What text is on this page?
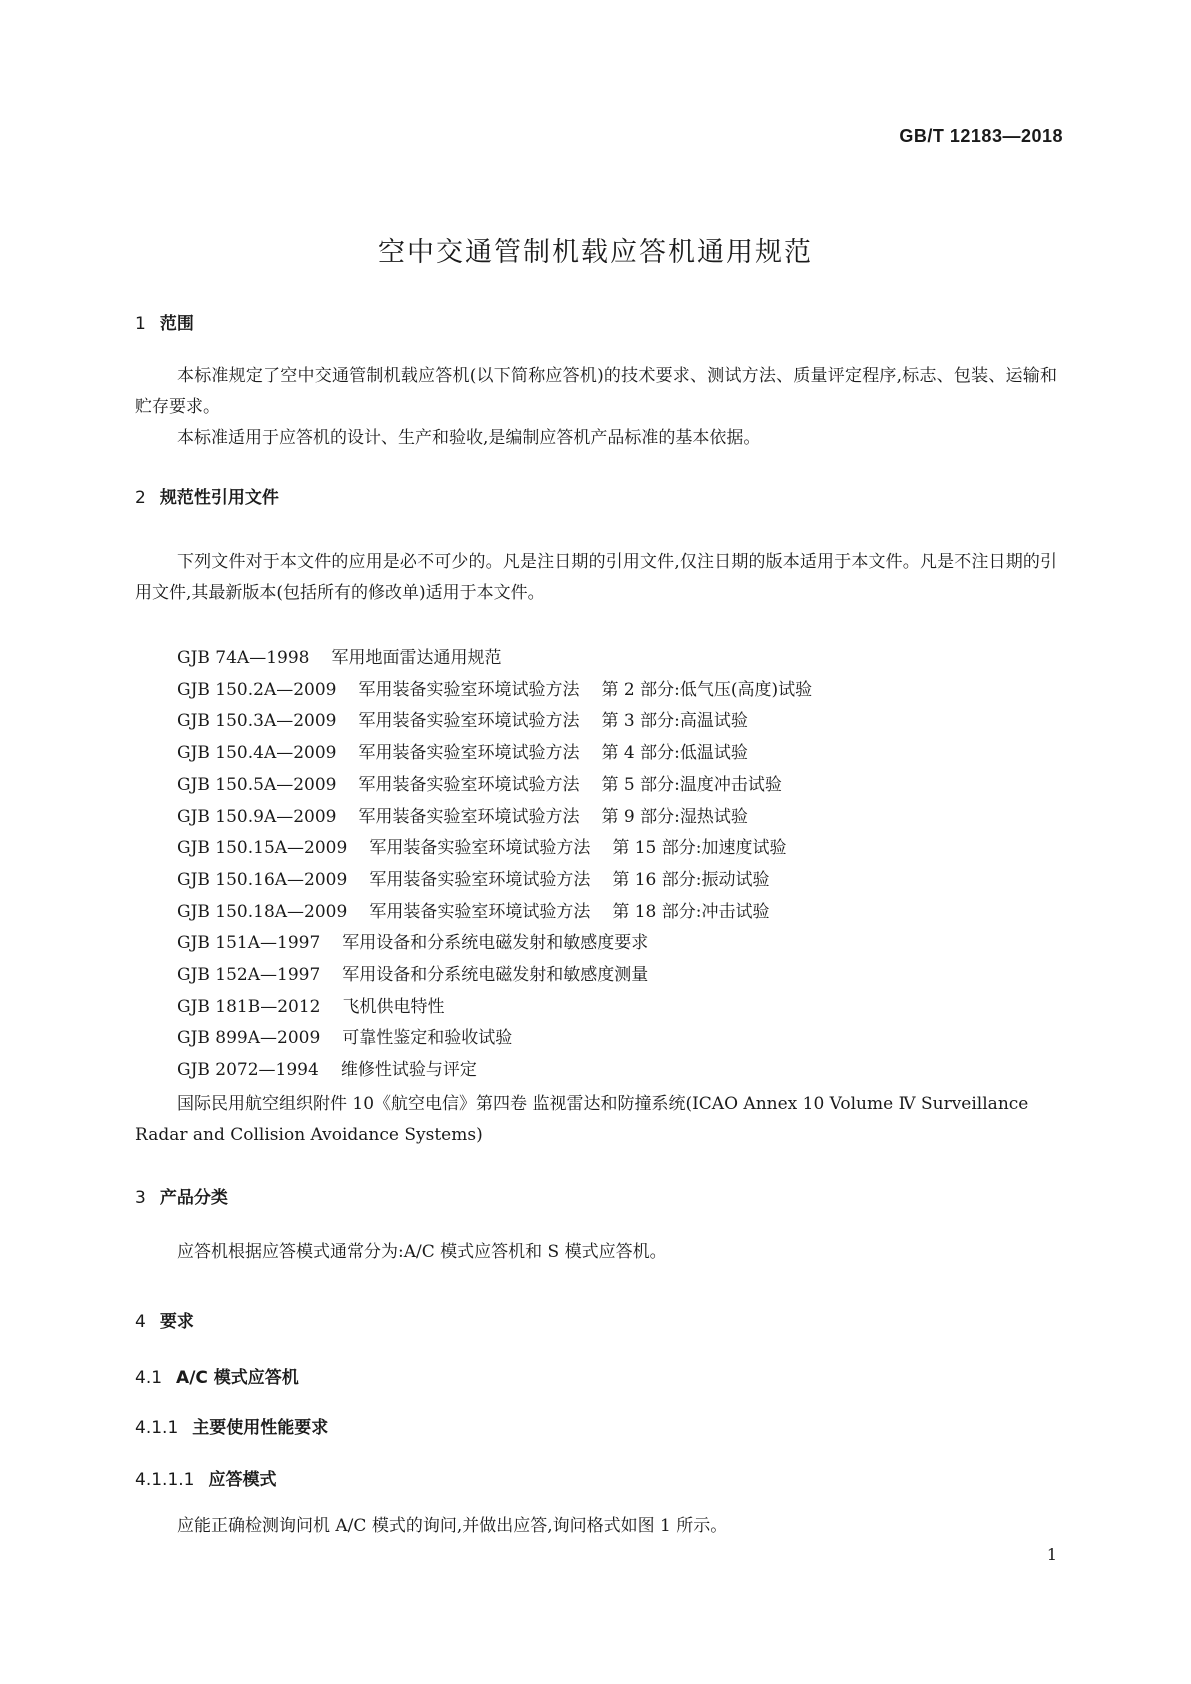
GB/T 12183—2018
空中交通管制机载应答机通用规范
1 范围

本标准规定了空中交通管制机载应答机(以下简称应答机)的技术要求、测试方法、质量评定程序,标志、包装、运输和贮存要求。

本标准适用于应答机的设计、生产和验收,是编制应答机产品标准的基本依据。

2 规范性引用文件

下列文件对于本文件的应用是必不可少的。凡是注日期的引用文件,仅注日期的版本适用于本文件。凡是不注日期的引用文件,其最新版本(包括所有的修改单)适用于本文件。

GJB 74A—1998 军用地面雷达通用规范
GJB 150.2A—2009 军用装备实验室环境试验方法 第 2 部分:低气压(高度)试验
GJB 150.3A—2009 军用装备实验室环境试验方法 第 3 部分:高温试验
GJB 150.4A—2009 军用装备实验室环境试验方法 第 4 部分:低温试验
GJB 150.5A—2009 军用装备实验室环境试验方法 第 5 部分:温度冲击试验
GJB 150.9A—2009 军用装备实验室环境试验方法 第 9 部分:湿热试验
GJB 150.15A—2009 军用装备实验室环境试验方法 第 15 部分:加速度试验
GJB 150.16A—2009 军用装备实验室环境试验方法 第 16 部分:振动试验
GJB 150.18A—2009 军用装备实验室环境试验方法 第 18 部分:冲击试验
GJB 151A—1997 军用设备和分系统电磁发射和敏感度要求
GJB 152A—1997 军用设备和分系统电磁发射和敏感度测量
GJB 181B—2012 飞机供电特性
GJB 899A—2009 可靠性鉴定和验收试验
GJB 2072—1994 维修性试验与评定

国际民用航空组织附件 10《航空电信》第四卷 监视雷达和防撞系统(ICAO Annex 10 Volume Ⅳ Surveillance Radar and Collision Avoidance Systems)

3 产品分类

应答机根据应答模式通常分为:A/C 模式应答机和 S 模式应答机。

4 要求
4.1 A/C 模式应答机
4.1.1 主要使用性能要求
4.1.1.1 应答模式

应能正确检测询问机 A/C 模式的询问,并做出应答,询问格式如图 1 所示。

1
